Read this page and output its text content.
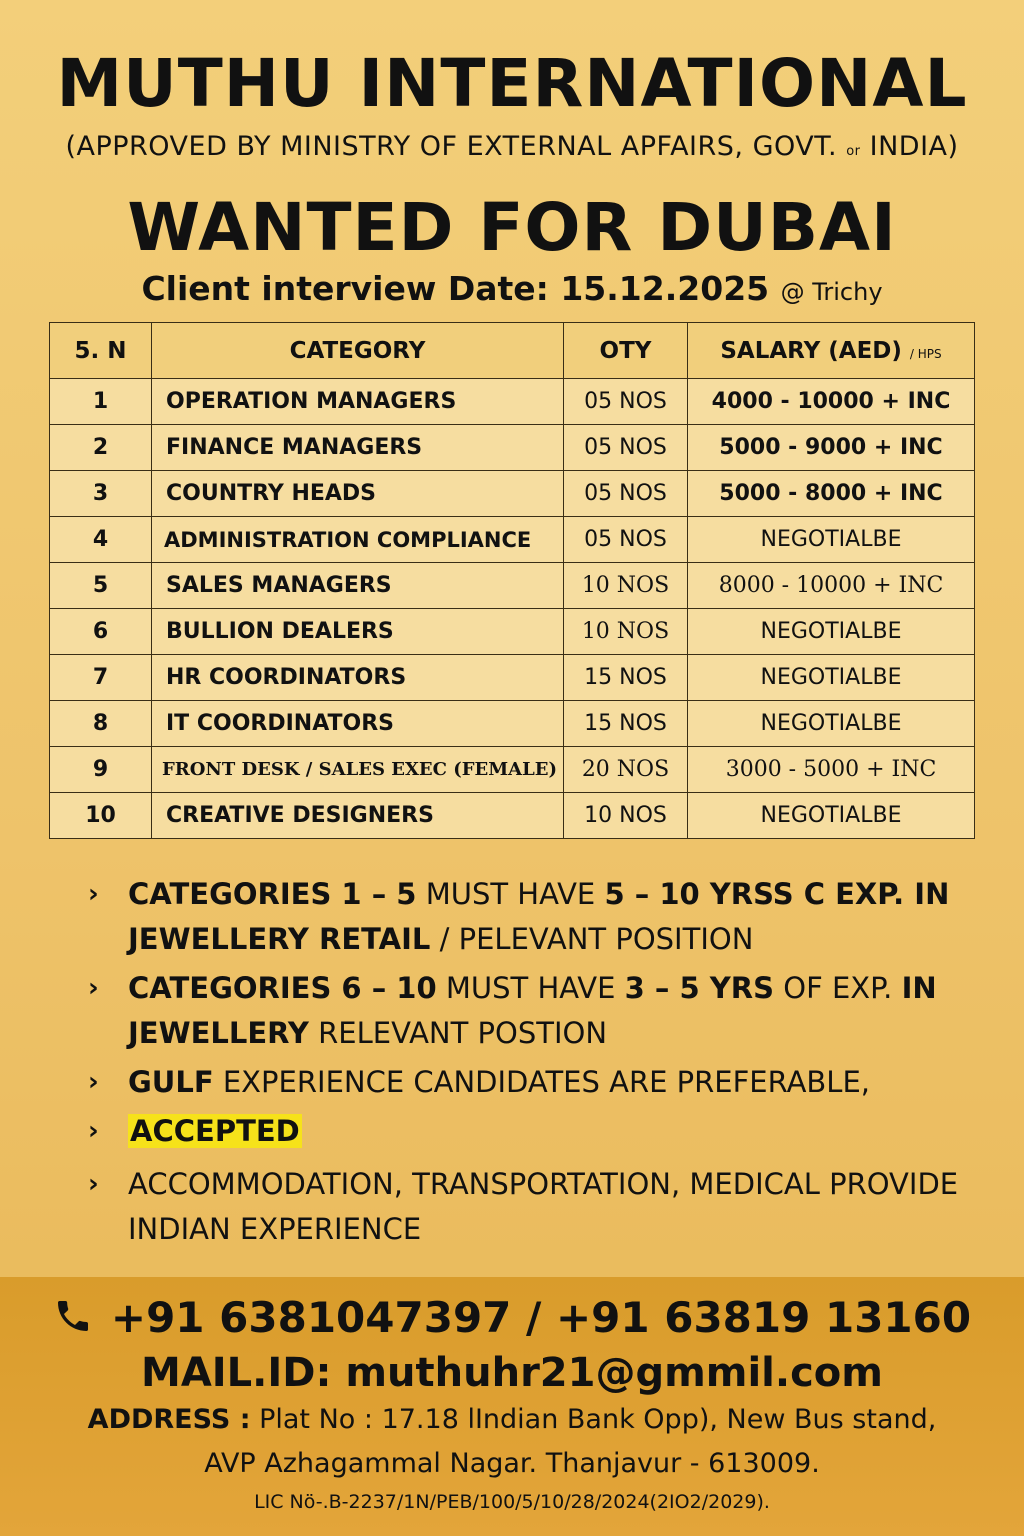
MUTHU INTERNATIONAL
(APPROVED BY MINISTRY OF EXTERNAL APFAIRS, GOVT. or INDIA)
WANTED FOR DUBAI
Client interview Date: 15.12.2025 @ Trichy
5. N	CATEGORY	OTY	SALARY (AED) / HPS
1	OPERATION MANAGERS	05 NOS	4000 - 10000 + INC
2	FINANCE MANAGERS	05 NOS	5000 - 9000 + INC
3	COUNTRY HEADS	05 NOS	5000 - 8000 + INC
4	ADMINISTRATION COMPLIANCE	05 NOS	NEGOTIALBE
5	SALES MANAGERS	10 NOS	8000 - 10000 + INC
6	BULLION DEALERS	10 NOS	NEGOTIALBE
7	HR COORDINATORS	15 NOS	NEGOTIALBE
8	IT COORDINATORS	15 NOS	NEGOTIALBE
9	FRONT DESK / SALES EXEC (FEMALE)	20 NOS	3000 - 5000 + INC
10	CREATIVE DESIGNERS	10 NOS	NEGOTIALBE
› CATEGORIES 1 – 5 MUST HAVE 5 – 10 YRSS C EXP. IN JEWELLERY RETAIL / PELEVANT POSITION
› CATEGORIES 6 – 10 MUST HAVE 3 – 5 YRS OF EXP. IN JEWELLERY RELEVANT POSTION
› GULF EXPERIENCE CANDIDATES ARE PREFERABLE,
› ACCEPTED
› ACCOMMODATION, TRANSPORTATION, MEDICAL PROVIDE INDIAN EXPERIENCE
+91 6381047397 / +91 63819 13160
MAIL.ID: muthuhr21@gmmil.com
ADDRESS : Plat No : 17.18 lIndian Bank Opp), New Bus stand,
AVP Azhagammal Nagar. Thanjavur - 613009.
LIC Nö-.B-2237/1N/PEB/100/5/10/28/2024(2IO2/2029).
